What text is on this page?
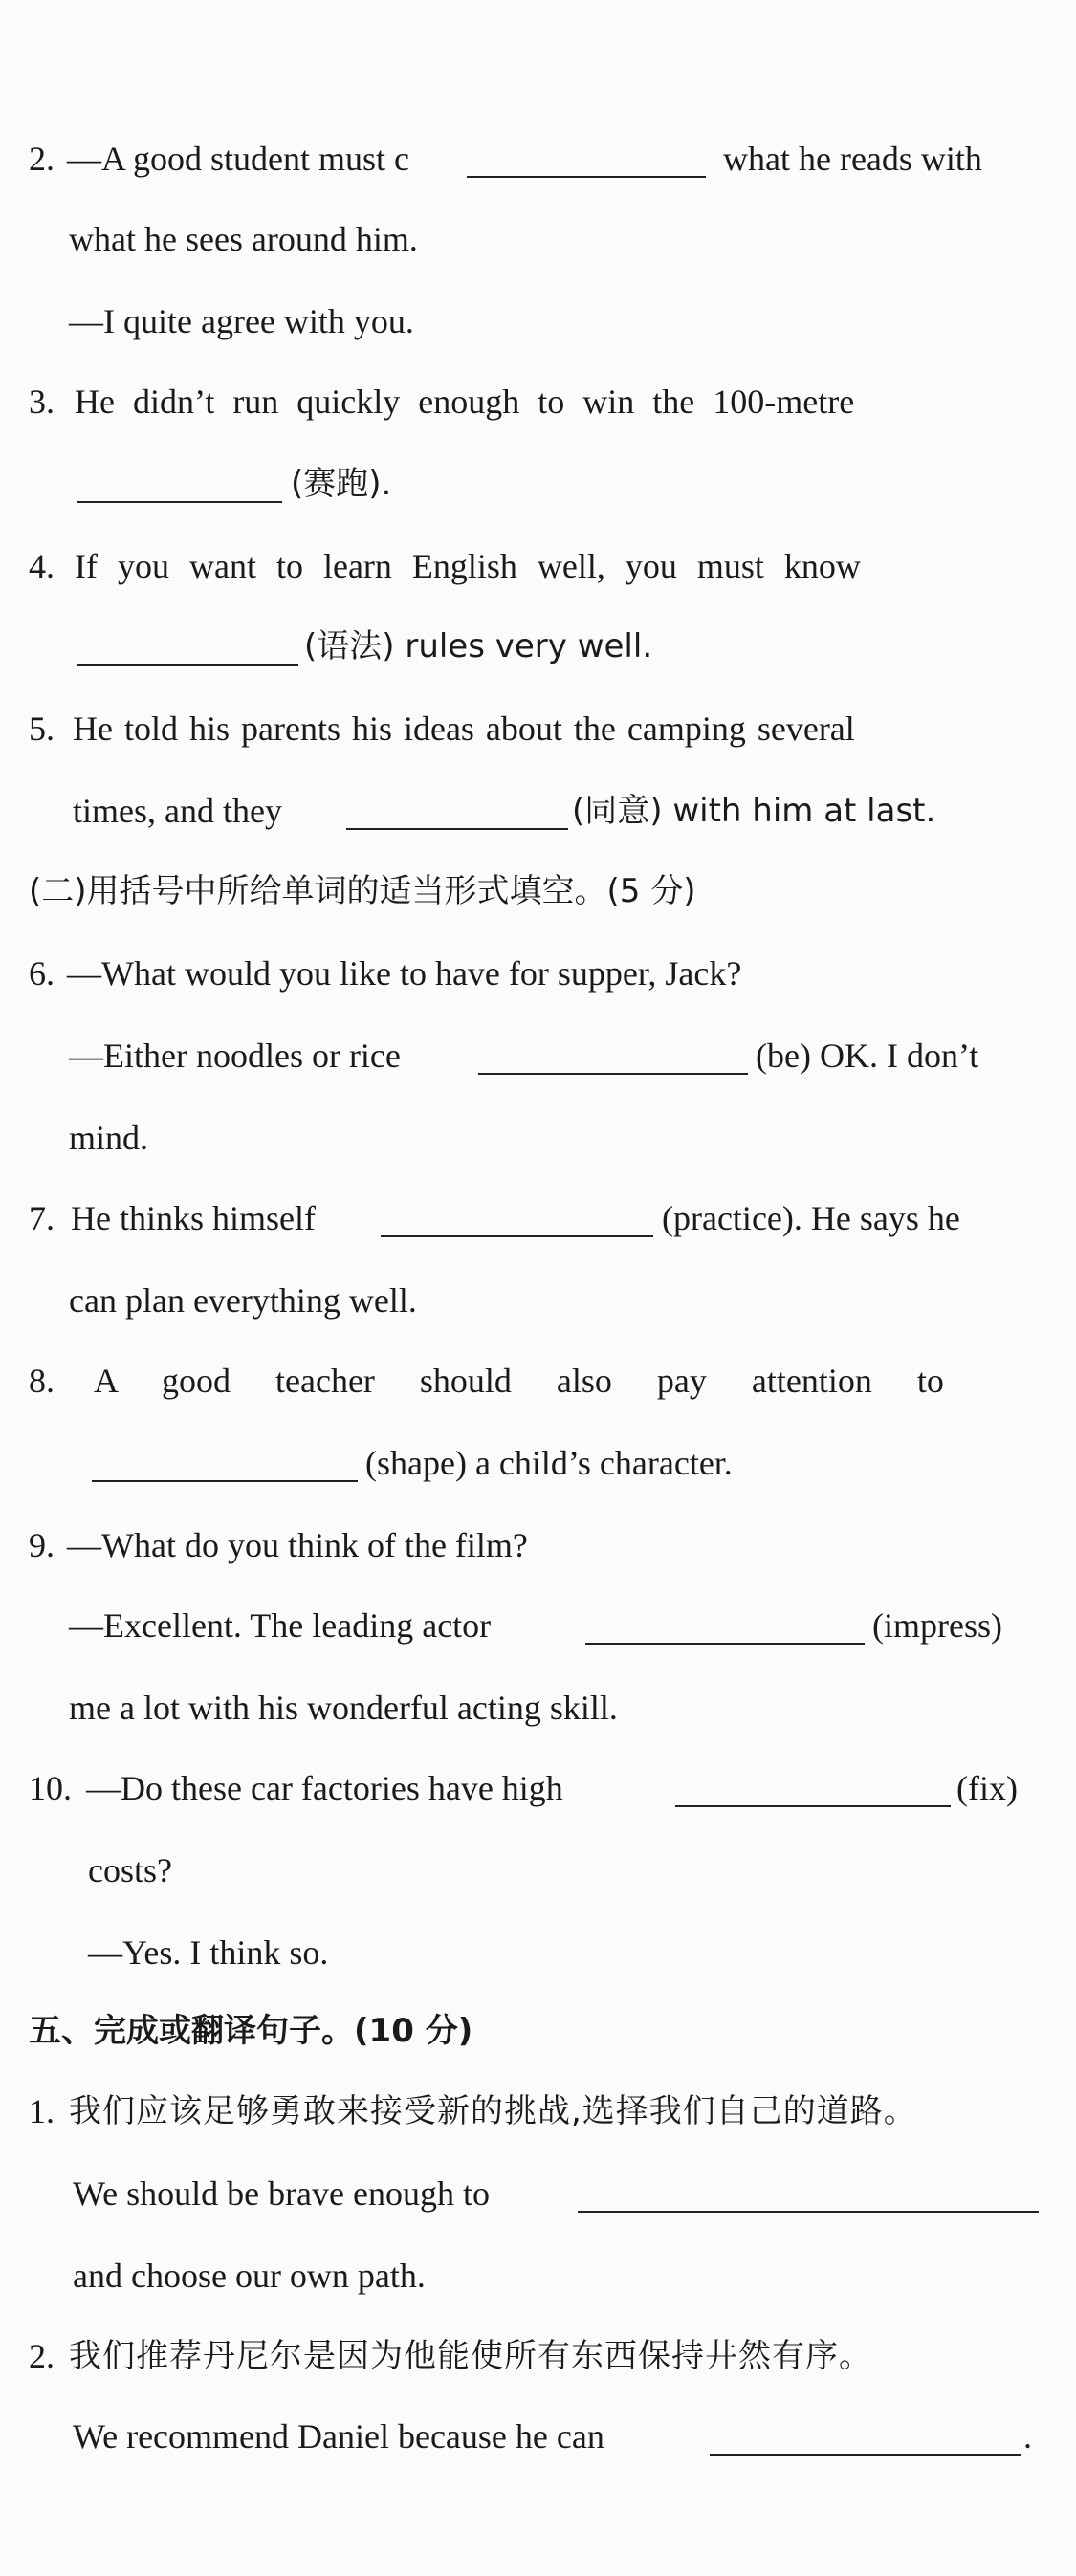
2. —A good student must c	what he reads with
what he sees around him.
—I quite agree with you.
3. He didn’t run quickly enough to win the 100-metre
(赛跑).
4. If you want to learn English well, you must know
(语法) rules very well.
5. He told his parents his ideas about the camping several
times, and they	(同意) with him at last.
(二)用括号中所给单词的适当形式填空。(5 分)
6. —What would you like to have for supper, Jack?
—Either noodles or rice	(be) OK. I don’t
mind.
7. He thinks himself	(practice). He says he
can plan everything well.
8. A good teacher should also pay attention to
(shape) a child’s character.
9. —What do you think of the film?
—Excellent. The leading actor	(impress)
me a lot with his wonderful acting skill.
10. —Do these car factories have high	(fix)
costs?
—Yes. I think so.
五、完成或翻译句子。(10 分)
1. 我们应该足够勇敢来接受新的挑战,选择我们自己的道路。
We should be brave enough to
and choose our own path.
2. 我们推荐丹尼尔是因为他能使所有东西保持井然有序。
We recommend Daniel because he can	.
